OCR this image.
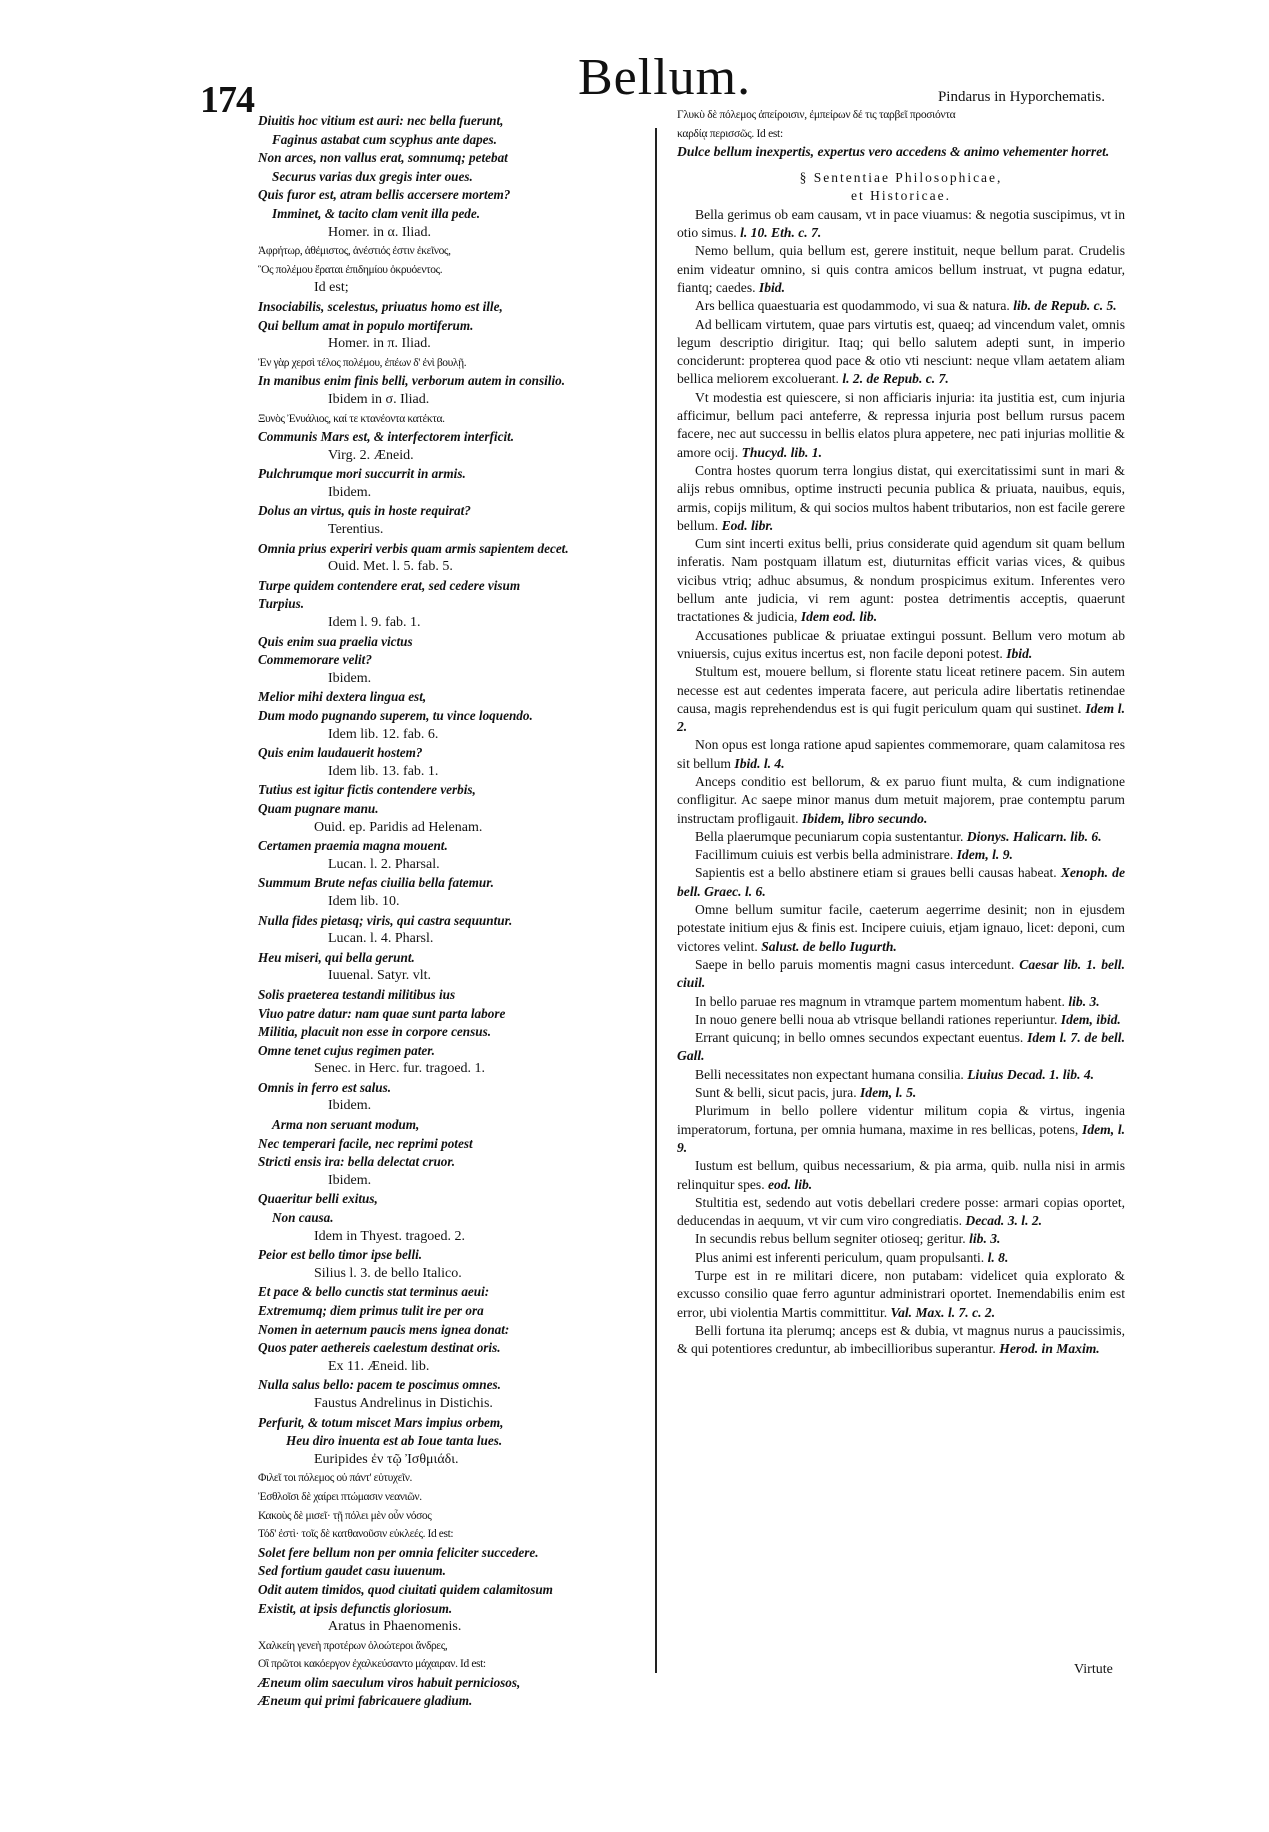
174	Bellum.
Diuitis hoc vitium est auri: nec bella fuerunt,
Faginus astabat cum scyphus ante dapes.
Non arces, non vallus erat, somnumq; petebat
Securus varias dux gregis inter oues.
Quis furor est, atram bellis accersere mortem?
Imminet, & tacito clam venit illa pede.
Homer. in α. Iliad.
Ἀφρήτωρ, ἀθέμιστος, ἀνέστιός ἐστιν ἐκεῖνος,
Ὃς πολέμου ἔραται ἐπιδημίου ὀκρυόεντος.
Id est;
Insociabilis, scelestus, priuatus homo est ille,
Qui bellum amat in populo mortiferum.
Homer. in π. Iliad.
Ἐν γὰρ χερσὶ τέλος πολέμου, ἐπέων δ' ἐνὶ βουλῇ.
In manibus enim finis belli, verborum autem in consilio.
Ibidem in σ. Iliad.
Ξυνὸς Ἐνυάλιος, καί τε κτανέοντα κατέκτα.
Communis Mars est, & interfectorem interficit.
Virg. 2. Æneid.
Pulchrumque mori succurrit in armis.
Ibidem.
Dolus an virtus, quis in hoste requirat?
Terentius.
Omnia prius experiri verbis quam armis sapientem decet.
Ouid. Met. l. 5. fab. 5.
Turpe quidem contendere erat, sed cedere visum
Turpius.
Idem l. 9. fab. 1.
Quis enim sua praelia victus
Commemorare velit?
Ibidem.
Melior mihi dextera lingua est,
Dum modo pugnando superem, tu vince loquendo.
Idem lib. 12. fab. 6.
Quis enim laudauerit hostem?
Idem lib. 13. fab. 1.
Tutius est igitur fictis contendere verbis,
Quam pugnare manu.
Ouid. ep. Paridis ad Helenam.
Certamen praemia magna mouent.
Lucan. l. 2. Pharsal.
Summum Brute nefas ciuilia bella fatemur.
Idem lib. 10.
Nulla fides pietasq; viris, qui castra sequuntur.
Lucan. l. 4. Pharsl.
Heu miseri, qui bella gerunt.
Iuuenal. Satyr. vlt.
Solis praeterea testandi militibus ius
Viuo patre datur: nam quae sunt parta labore
Militia, placuit non esse in corpore census.
Omne tenet cujus regimen pater.
Senec. in Herc. fur. tragoed. 1.
Omnis in ferro est salus.
Ibidem.
Arma non seruant modum,
Nec temperari facile, nec reprimi potest
Stricti ensis ira: bella delectat cruor.
Ibidem.
Quaeritur belli exitus,
Non causa.
Idem in Thyest. tragoed. 2.
Peior est bello timor ipse belli.
Silius l. 3. de bello Italico.
Et pace & bello cunctis stat terminus aeui:
Extremumq; diem primus tulit ire per ora
Nomen in aeternum paucis mens ignea donat:
Quos pater aethereis caelestum destinat oris.
Ex 11. Æneid. lib.
Nulla salus bello: pacem te poscimus omnes.
Faustus Andrelinus in Distichis.
Perfurit, & totum miscet Mars impius orbem,
Heu diro inuenta est ab Ioue tanta lues.
Euripides ἐν τῷ Ἰσθμιάδι.
Φιλεῖ τοι πόλεμος οὐ πάντ' εὐτυχεῖν.
Ἐσθλοῖσι δὲ χαίρει πτώμασιν νεανιῶν.
Κακοὺς δὲ μισεῖ· τῇ πόλει μὲν οὖν νόσος
Τόδ' ἐστὶ· τοῖς δὲ κατθανοῦσιν εὐκλεές. Id est:
Solet fere bellum non per omnia feliciter succedere.
Sed fortium gaudet casu iuuenum.
Odit autem timidos, quod ciuitati quidem calamitosum
Existit, at ipsis defunctis gloriosum.
Aratus in Phaenomenis.
Χαλκείη γενεὴ προτέρων ὀλοώτεροι ἄνδρες,
Οἳ πρῶτοι κακόεργον ἐχαλκεύσαντο μάχαιραν. Id est:
Æneum olim saeculum viros habuit perniciosos,
Æneum qui primi fabricauere gladium.
Pindarus in Hyporchematis.
Γλυκὺ δὲ πόλεμος ἀπείροισιν, ἐμπείρων δέ τις ταρβεῖ προσιόντα
καρδίᾳ περισσῶς. Id est:
Dulce bellum inexpertis, expertus vero accedens & animo vehementer horret.
§ Sententiae Philosophicae,
et Historicae.

Bella gerimus ob eam causam, vt in pace viuamus: & negotia suscipimus, vt in otio simus. l. 10. Eth. c. 7.

Nemo bellum, quia bellum est, gerere instituit, neque bellum parat. Crudelis enim videatur omnino, si quis contra amicos bellum instruat, vt pugna edatur, fiantq; caedes. Ibid.

Ars bellica quaestuaria est quodammodo, vi sua & natura. lib. de Repub. c. 5.

Ad bellicam virtutem, quae pars virtutis est, quaeq; ad vincendum valet, omnis legum descriptio dirigitur. Itaq; qui bello salutem adepti sunt, in imperio conciderunt: propterea quod pace & otio vti nesciunt: neque vllam aetatem aliam bellica meliorem excoluerant. l. 2. de Repub. c. 7.

Vt modestia est quiescere, si non afficiaris injuria: ita justitia est, cum injuria afficimur, bellum paci anteferre, & repressa injuria post bellum rursus pacem facere, nec aut successu in bellis elatos plura appetere, nec pati injurias mollitie & amore ocij. Thucyd. lib. 1.

Contra hostes quorum terra longius distat, qui exercitatissimi sunt in mari & alijs rebus omnibus, optime instructi pecunia publica & priuata, nauibus, equis, armis, copijs militum, & qui socios multos habent tributarios, non est facile gerere bellum. Eod. libr.

Cum sint incerti exitus belli, prius considerate quid agendum sit quam bellum inferatis. Nam postquam illatum est, diuturnitas efficit varias vices, & quibus vicibus vtriq; adhuc absumus, & nondum prospicimus exitum. Inferentes vero bellum ante judicia, vi rem agunt: postea detrimentis acceptis, quaerunt tractationes & judicia, Idem eod. lib.

Accusationes publicae & priuatae extingui possunt. Bellum vero motum ab vniuersis, cujus exitus incertus est, non facile deponi potest. Ibid.

Stultum est, mouere bellum, si florente statu liceat retinere pacem. Sin autem necesse est aut cedentes imperata facere, aut pericula adire libertatis retinendae causa, magis reprehendendus est is qui fugit periculum quam qui sustinet. Idem l. 2.

Non opus est longa ratione apud sapientes commemorare, quam calamitosa res sit bellum Ibid. l. 4.

Anceps conditio est bellorum, & ex paruo fiunt multa, & cum indignatione confligitur. Ac saepe minor manus dum metuit majorem, prae contemptu parum instructam profligauit. Ibidem, libro secundo.

Bella plaerumque pecuniarum copia sustentantur. Dionys. Halicarn. lib. 6.

Facillimum cuiuis est verbis bella administrare. Idem, l. 9.

Sapientis est a bello abstinere etiam si graues belli causas habeat. Xenoph. de bell. Graec. l. 6.

Omne bellum sumitur facile, caeterum aegerrime desinit; non in ejusdem potestate initium ejus & finis est. Incipere cuiuis, etjam ignauo, licet: deponi, cum victores velint. Salust. de bello Iugurth.

Saepe in bello paruis momentis magni casus intercedunt. Caesar lib. 1. bell. ciuil.

In bello paruae res magnum in vtramque partem momentum habent. lib. 3.

In nouo genere belli noua ab vtrisque bellandi rationes reperiuntur. Idem, ibid.

Errant quicunq; in bello omnes secundos expectant euentus. Idem l. 7. de bell. Gall.

Belli necessitates non expectant humana consilia. Liuius Decad. 1. lib. 4.

Sunt & belli, sicut pacis, jura. Idem, l. 5.

Plurimum in bello pollere videntur militum copia & virtus, ingenia imperatorum, fortuna, per omnia humana, maxime in res bellicas, potens, Idem, l. 9.

Iustum est bellum, quibus necessarium, & pia arma, quib. nulla nisi in armis relinquitur spes. eod. lib.

Stultitia est, sedendo aut votis debellari credere posse: armari copias oportet, deducendas in aequum, vt vir cum viro congrediatis. Decad. 3. l. 2.

In secundis rebus bellum segniter otioseq; geritur. lib. 3.

Plus animi est inferenti periculum, quam propulsanti. l. 8.

Turpe est in re militari dicere, non putabam: videlicet quia explorato & excusso consilio quae ferro aguntur administrari oportet. Inemendabilis enim est error, ubi violentia Martis committitur. Val. Max. l. 7. c. 2.

Belli fortuna ita plerumq; anceps est & dubia, vt magnus nurus a paucissimis, & qui potentiores creduntur, ab imbecillioribus superantur. Herod. in Maxim.

Virtute
